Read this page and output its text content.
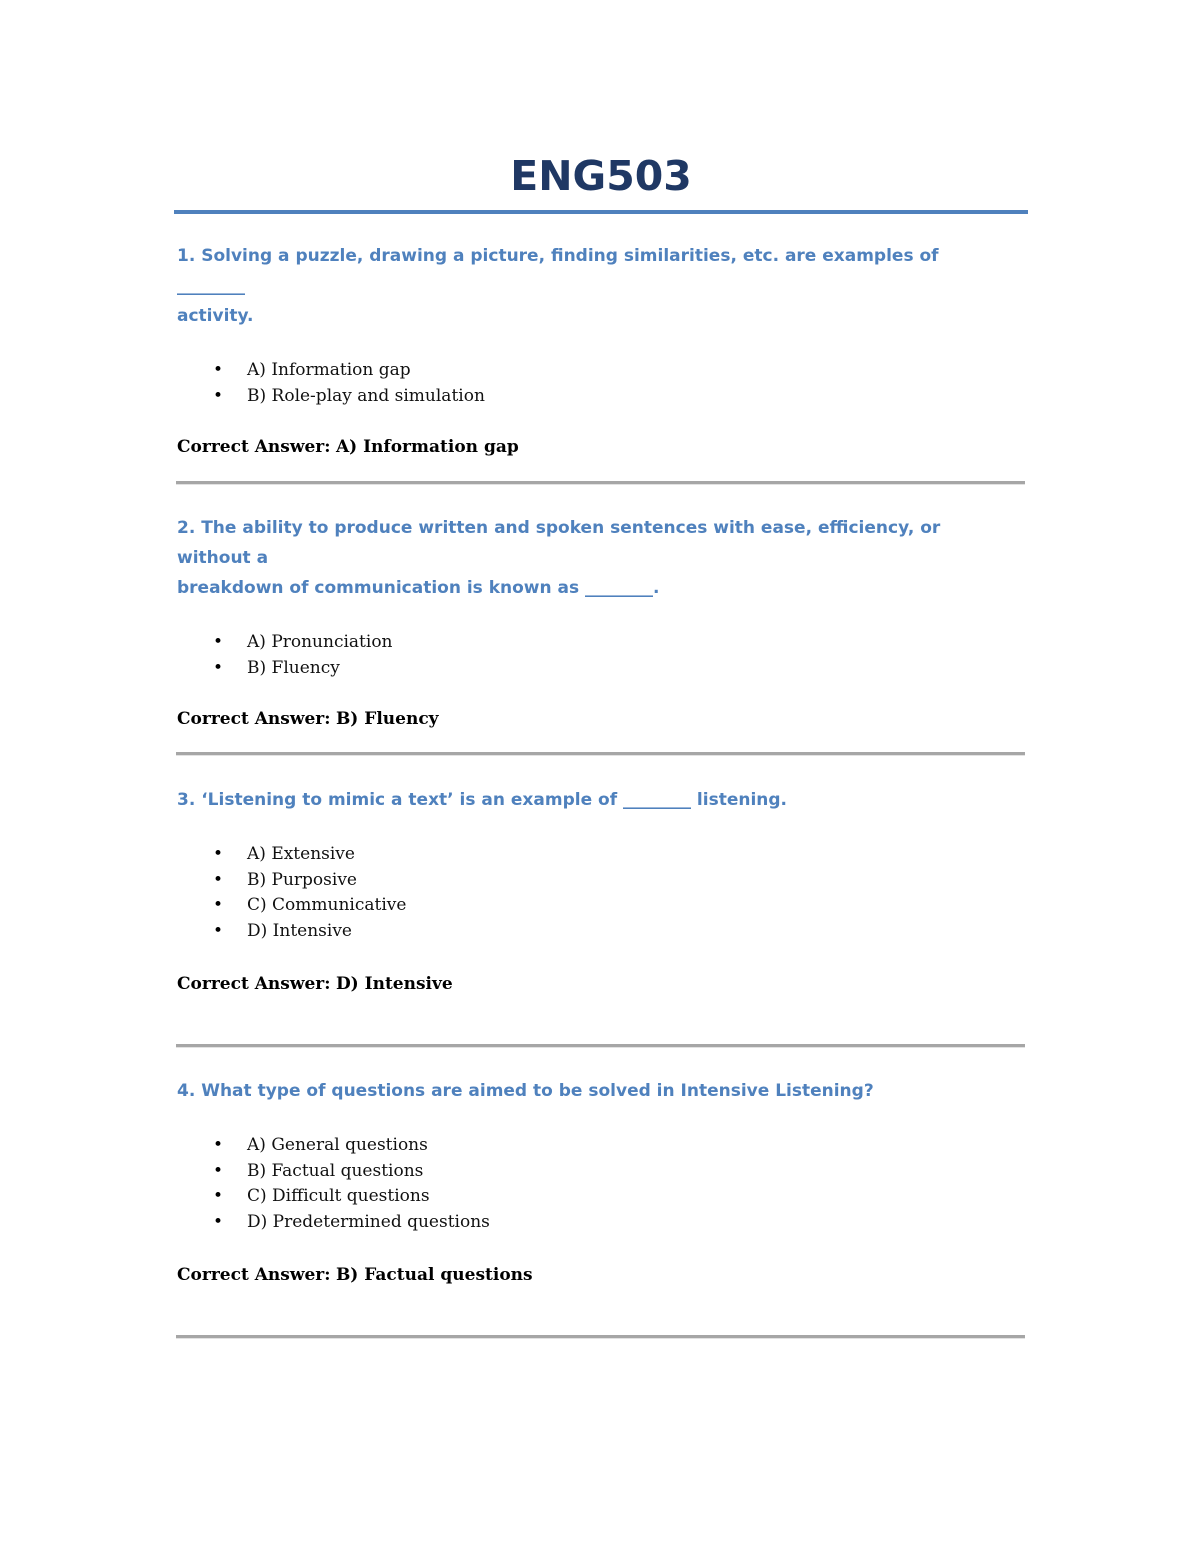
ENG503

1. Solving a puzzle, drawing a picture, finding similarities, etc. are examples of ________

activity.

• A) Information gap
• B) Role-play and simulation

Correct Answer: A) Information gap

2. The ability to produce written and spoken sentences with ease, efficiency, or without a

breakdown of communication is known as ________.

• A) Pronunciation
• B) Fluency

Correct Answer: B) Fluency

3. ‘Listening to mimic a text’ is an example of ________ listening.

• A) Extensive
• B) Purposive
• C) Communicative
• D) Intensive

Correct Answer: D) Intensive

4. What type of questions are aimed to be solved in Intensive Listening?

• A) General questions
• B) Factual questions
• C) Difficult questions
• D) Predetermined questions

Correct Answer: B) Factual questions
